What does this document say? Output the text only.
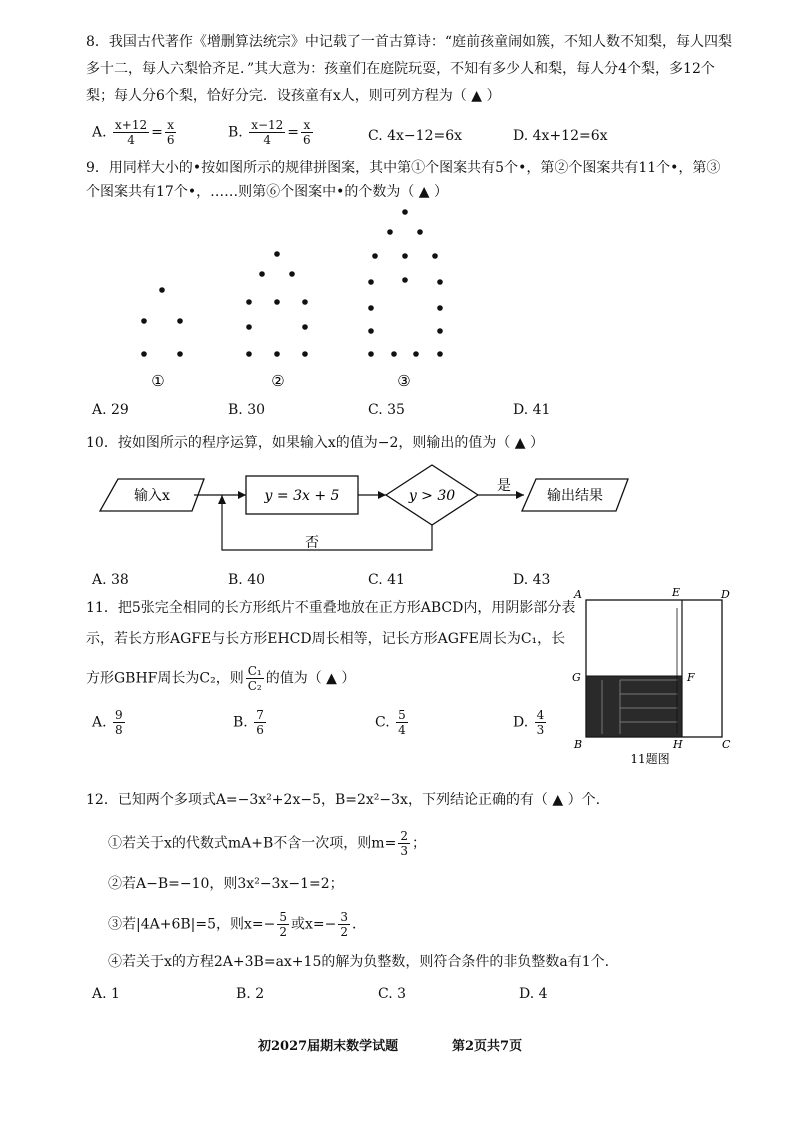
8．我国古代著作《增删算法统宗》中记载了一首古算诗：“庭前孩童闹如簇，不知人数不知梨，每人四梨
多十二，每人六梨恰齐足．”其大意为：孩童们在庭院玩耍，不知有多少人和梨，每人分4个梨，多12个
梨；每人分6个梨，恰好分完．设孩童有x人，则可列方程为（ ▲ ）
A. $\frac{x+12}{4} = \frac{x}{6}$	B. $\frac{x-12}{4} = \frac{x}{6}$	C. 4x−12=6x	D. 4x+12=6x
9．用同样大小的•按如图所示的规律拼图案，其中第①个图案共有5个•，第②个图案共有11个•，第③
个图案共有17个•，……则第⑥个图案中•的个数为（ ▲ ）
①	②	③
A. 29	B. 30	C. 35	D. 41
10．按如图所示的程序运算，如果输入x的值为−2，则输出的值为（ ▲ ）
输入x	y = 3x + 5	y > 30
是
输出结果
否
A. 38	B. 40	C. 41	D. 43
11．把5张完全相同的长方形纸片不重叠地放在正方形ABCD内，用阴影部分表
示，若长方形AGFE与长方形EHCD周长相等，记长方形AGFE周长为C₁，长
方形GBHF周长为C₂，则 $\frac{\text{C₁}}{\text{C₂}}$ 的值为（ ▲ ）
A. $\frac{9}{8}$	B. $\frac{7}{6}$	C. $\frac{5}{4}$	D. $\frac{4}{3}$
A	E	D
G	F
B	H	C
11题图
12．已知两个多项式A=−3x²+2x−5，B=2x²−3x，下列结论正确的有（ ▲ ）个.
①若关于x的代数式mA+B不含一次项，则$m= \frac{2}{3}$ ；
②若A−B=−10，则3x²−3x−1=2；
③若|4A+6B|=5，则$x=- \frac{5}{2}$ 或$x=- \frac{3}{2}$ ．
④若关于x的方程2A+3B=ax+15的解为负整数，则符合条件的非负整数a有1个.
A. 1	B. 2	C. 3	D. 4
初2027届期末数学试题	第2页共7页
